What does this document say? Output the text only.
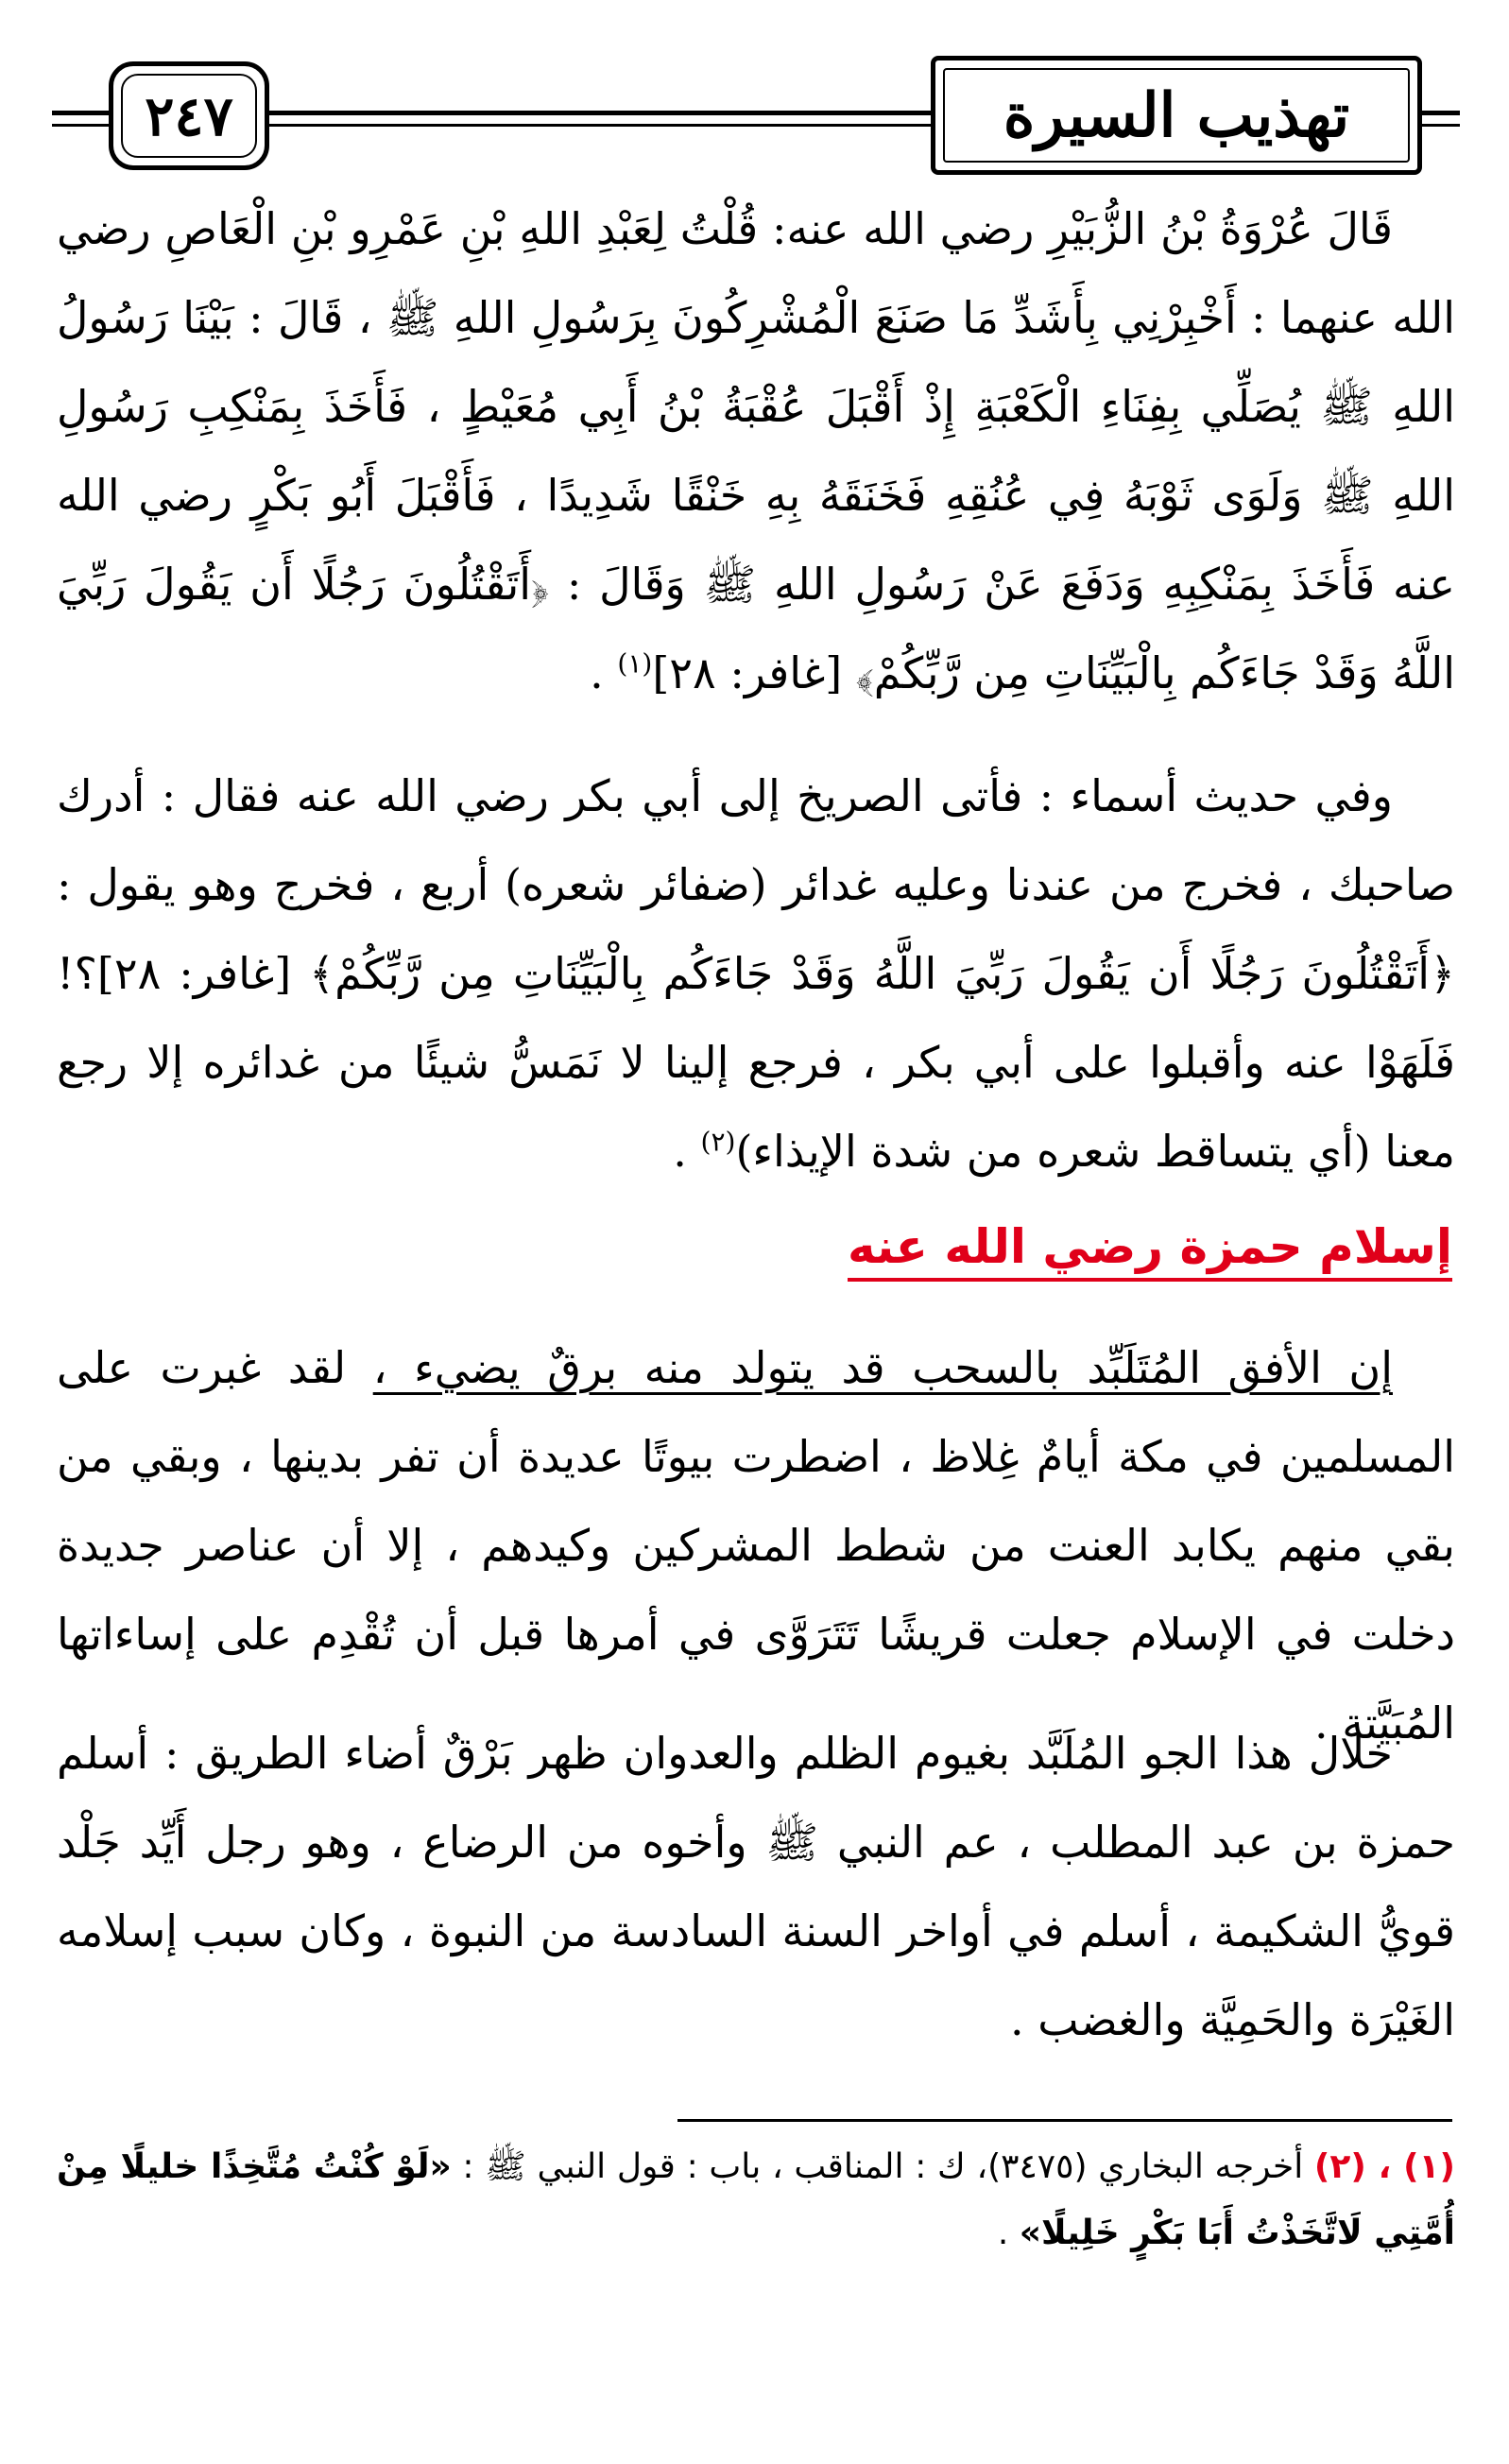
٢٤٧	تهذيب السيرة

قَالَ عُرْوَةُ بْنُ الزُّبَيْرِ رضي الله عنه: قُلْتُ لِعَبْدِ اللهِ بْنِ عَمْرِو بْنِ الْعَاصِ رضي الله عنهما : أَخْبِرْنِي بِأَشَدِّ مَا صَنَعَ الْمُشْرِكُونَ بِرَسُولِ اللهِ ﷺ ، قَالَ : بَيْنَا رَسُولُ اللهِ ﷺ يُصَلِّي بِفِنَاءِ الْكَعْبَةِ إِذْ أَقْبَلَ عُقْبَةُ بْنُ أَبِي مُعَيْطٍ ، فَأَخَذَ بِمَنْكِبِ رَسُولِ اللهِ ﷺ وَلَوَى ثَوْبَهُ فِي عُنُقِهِ فَخَنَقَهُ بِهِ خَنْقًا شَدِيدًا ، فَأَقْبَلَ أَبُو بَكْرٍ رضي الله عنه فَأَخَذَ بِمَنْكِبِهِ وَدَفَعَ عَنْ رَسُولِ اللهِ ﷺ وَقَالَ : ﴿أَتَقْتُلُونَ رَجُلًا أَن يَقُولَ رَبِّيَ اللَّهُ وَقَدْ جَاءَكُم بِالْبَيِّنَاتِ مِن رَّبِّكُمْ﴾ [غافر: ٢٨]$^{(١)}$ .

وفي حديث أسماء : فأتى الصريخ إلى أبي بكر رضي الله عنه فقال : أدرك صاحبك ، فخرج من عندنا وعليه غدائر (ضفائر شعره) أربع ، فخرج وهو يقول : ﴿أَتَقْتُلُونَ رَجُلًا أَن يَقُولَ رَبِّيَ اللَّهُ وَقَدْ جَاءَكُم بِالْبَيِّنَاتِ مِن رَّبِّكُمْ﴾ [غافر: ٢٨]؟! فَلَهَوْا عنه وأقبلوا على أبي بكر ، فرجع إلينا لا نَمَسُّ شيئًا من غدائره إلا رجع معنا (أي يتساقط شعره من شدة الإيذاء)$^{(٢)}$ .

إسلام حمزة رضي الله عنه

إن الأفق المُتَلَبِّد بالسحب قد يتولد منه برقٌ يضيء ، لقد غبرت على المسلمين في مكة أيامٌ غِلاظ ، اضطرت بيوتًا عديدة أن تفر بدينها ، وبقي من بقي منهم يكابد العنت من شطط المشركين وكيدهم ، إلا أن عناصر جديدة دخلت في الإسلام جعلت قريشًا تَتَرَوَّى في أمرها قبل أن تُقْدِم على إساءاتها المُبَيَّتة .

خلال هذا الجو المُلَبَّد بغيوم الظلم والعدوان ظهر بَرْقٌ أضاء الطريق : أسلم حمزة بن عبد المطلب ، عم النبي ﷺ وأخوه من الرضاع ، وهو رجل أَيِّد جَلْد قويُّ الشكيمة ، أسلم في أواخر السنة السادسة من النبوة ، وكان سبب إسلامه الغَيْرَة والحَمِيَّة والغضب .

(١) ، (٢) أخرجه البخاري (٣٤٧٥)، ك : المناقب ، باب : قول النبي ﷺ : «لَوْ كُنْتُ مُتَّخِذًا خليلًا مِنْ أُمَّتِي لَاتَّخَذْتُ أَبَا بَكْرٍ خَلِيلًا» .
